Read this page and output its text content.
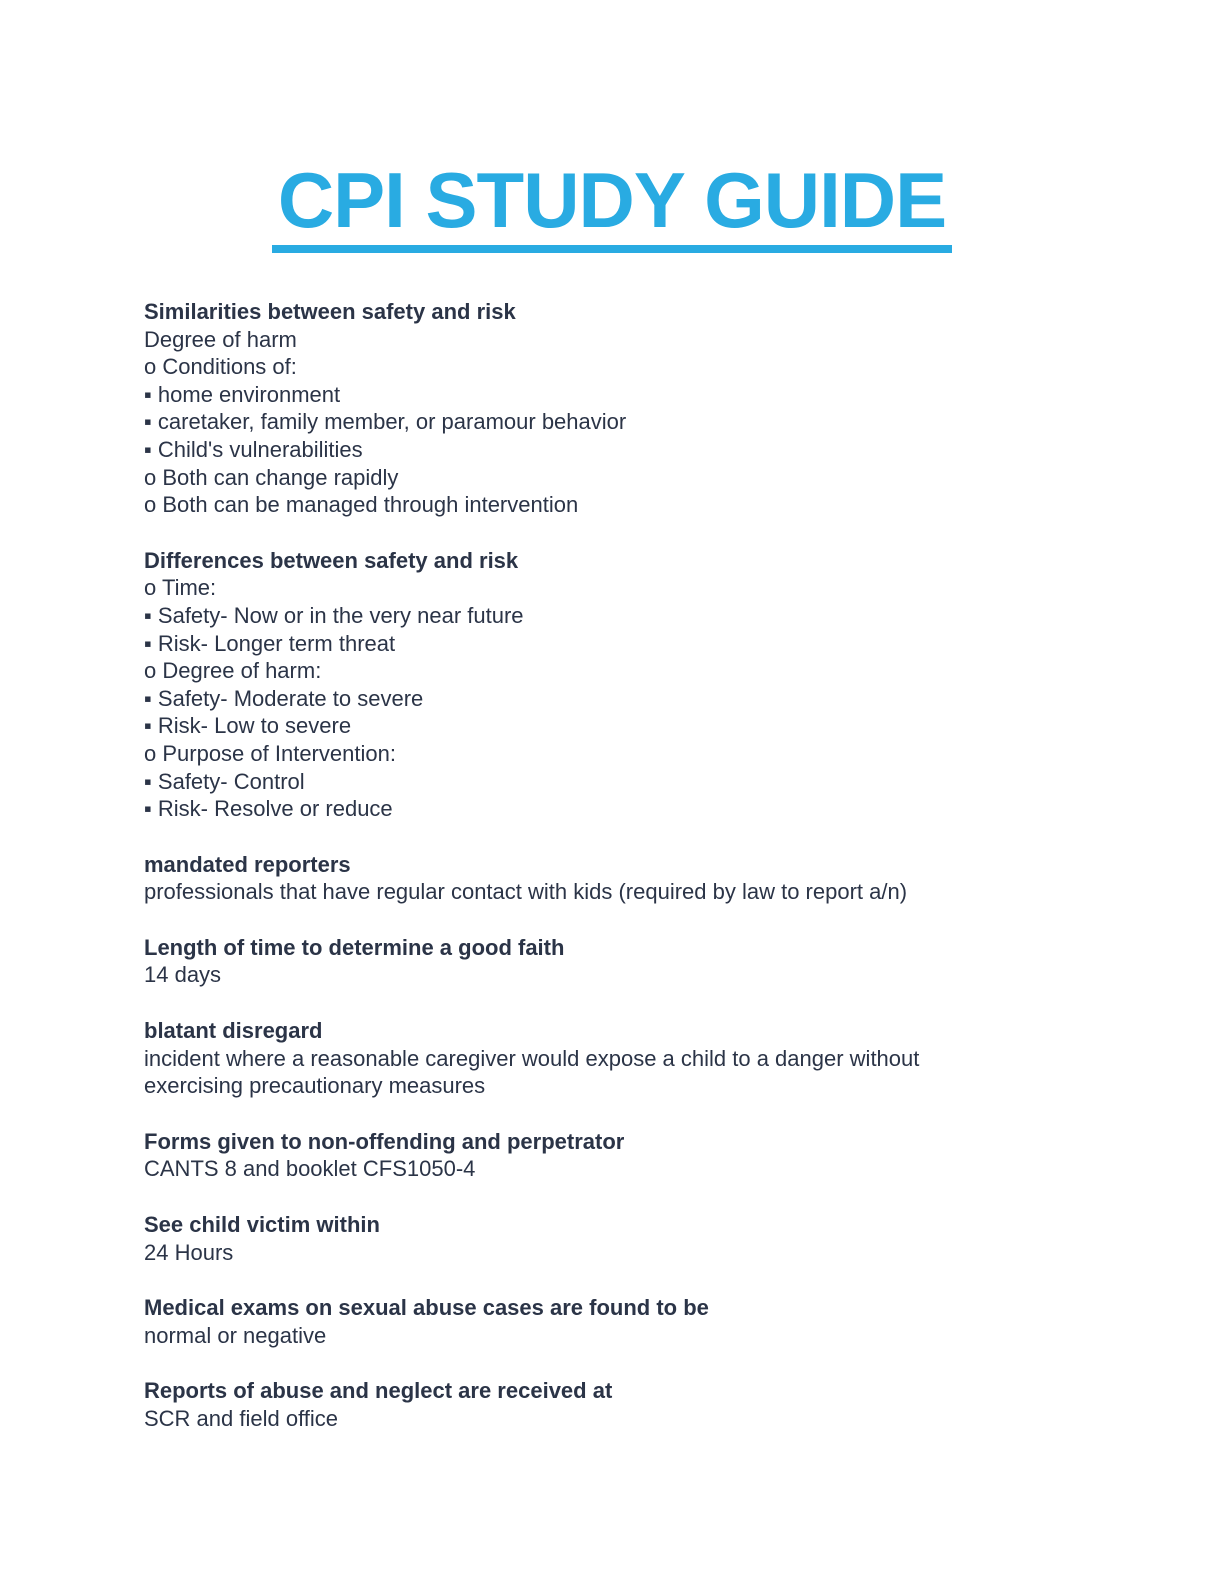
CPI STUDY GUIDE
Similarities between safety and risk
Degree of harm
o Conditions of:
▪ home environment
▪ caretaker, family member, or paramour behavior
▪ Child's vulnerabilities
o Both can change rapidly
o Both can be managed through intervention
Differences between safety and risk
o Time:
▪ Safety- Now or in the very near future
▪ Risk- Longer term threat
o Degree of harm:
▪ Safety- Moderate to severe
▪ Risk- Low to severe
o Purpose of Intervention:
▪ Safety- Control
▪ Risk- Resolve or reduce
mandated reporters
professionals that have regular contact with kids (required by law to report a/n)
Length of time to determine a good faith
14 days
blatant disregard
incident where a reasonable caregiver would expose a child to a danger without
exercising precautionary measures
Forms given to non-offending and perpetrator
CANTS 8 and booklet CFS1050-4
See child victim within
24 Hours
Medical exams on sexual abuse cases are found to be
normal or negative
Reports of abuse and neglect are received at
SCR and field office
